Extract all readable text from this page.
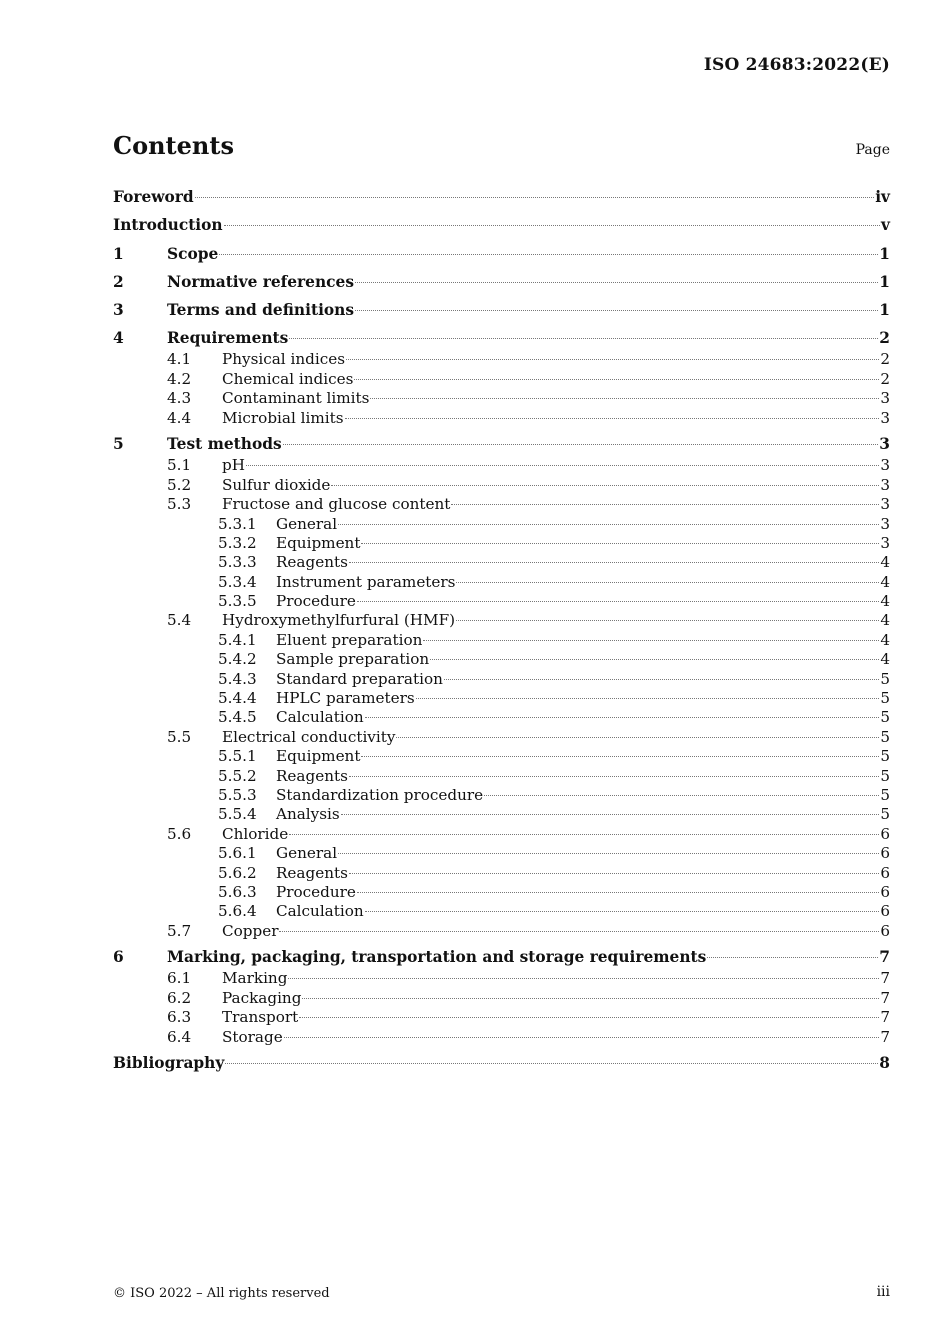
ISO 24683:2022(E)
Contents	Page
Foreword	iv
Introduction	v
1	Scope	1
2	Normative references	1
3	Terms and definitions	1
4	Requirements	2
4.1	Physical indices	2
4.2	Chemical indices	2
4.3	Contaminant limits	3
4.4	Microbial limits	3
5	Test methods	3
5.1	pH	3
5.2	Sulfur dioxide	3
5.3	Fructose and glucose content	3
5.3.1	General	3
5.3.2	Equipment	3
5.3.3	Reagents	4
5.3.4	Instrument parameters	4
5.3.5	Procedure	4
5.4	Hydroxymethylfurfural (HMF)	4
5.4.1	Eluent preparation	4
5.4.2	Sample preparation	4
5.4.3	Standard preparation	5
5.4.4	HPLC parameters	5
5.4.5	Calculation	5
5.5	Electrical conductivity	5
5.5.1	Equipment	5
5.5.2	Reagents	5
5.5.3	Standardization procedure	5
5.5.4	Analysis	5
5.6	Chloride	6
5.6.1	General	6
5.6.2	Reagents	6
5.6.3	Procedure	6
5.6.4	Calculation	6
5.7	Copper	6
6	Marking, packaging, transportation and storage requirements	7
6.1	Marking	7
6.2	Packaging	7
6.3	Transport	7
6.4	Storage	7
Bibliography	8
© ISO 2022 – All rights reserved	iii
